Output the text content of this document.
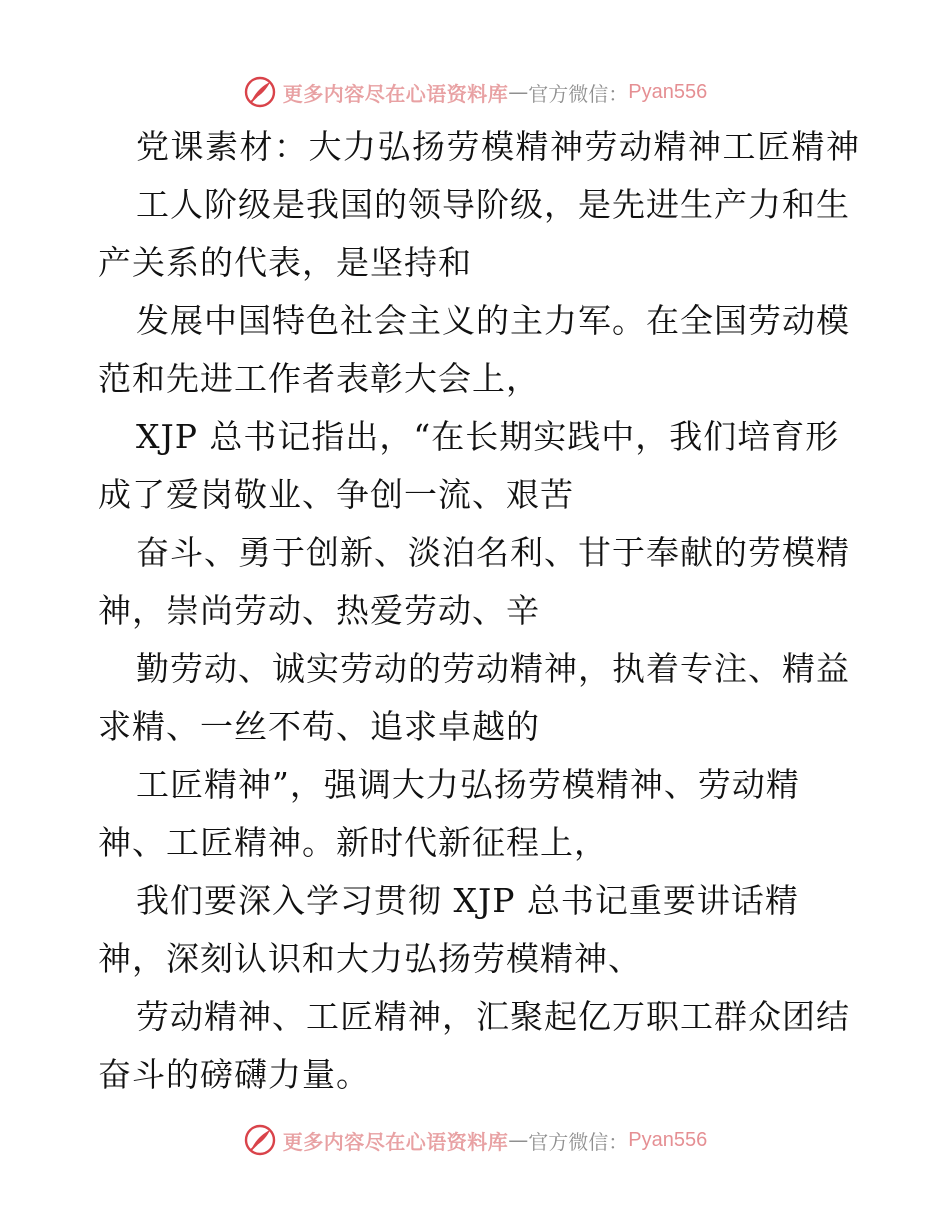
更多内容尽在心语资料库 — 官方微信： Pyan556
党课素材：大力弘扬劳模精神劳动精神工匠精神
工人阶级是我国的领导阶级，是先进生产力和生
产关系的代表，是坚持和
发展中国特色社会主义的主力军。在全国劳动模
范和先进工作者表彰大会上，
XJP 总书记指出，“在长期实践中，我们培育形
成了爱岗敬业、争创一流、艰苦
奋斗、勇于创新、淡泊名利、甘于奉献的劳模精
神，崇尚劳动、热爱劳动、辛
勤劳动、诚实劳动的劳动精神，执着专注、精益
求精、一丝不苟、追求卓越的
工匠精神”，强调大力弘扬劳模精神、劳动精
神、工匠精神。新时代新征程上，
我们要深入学习贯彻 XJP 总书记重要讲话精
神，深刻认识和大力弘扬劳模精神、
劳动精神、工匠精神，汇聚起亿万职工群众团结
奋斗的磅礴力量。
更多内容尽在心语资料库 — 官方微信： Pyan556
